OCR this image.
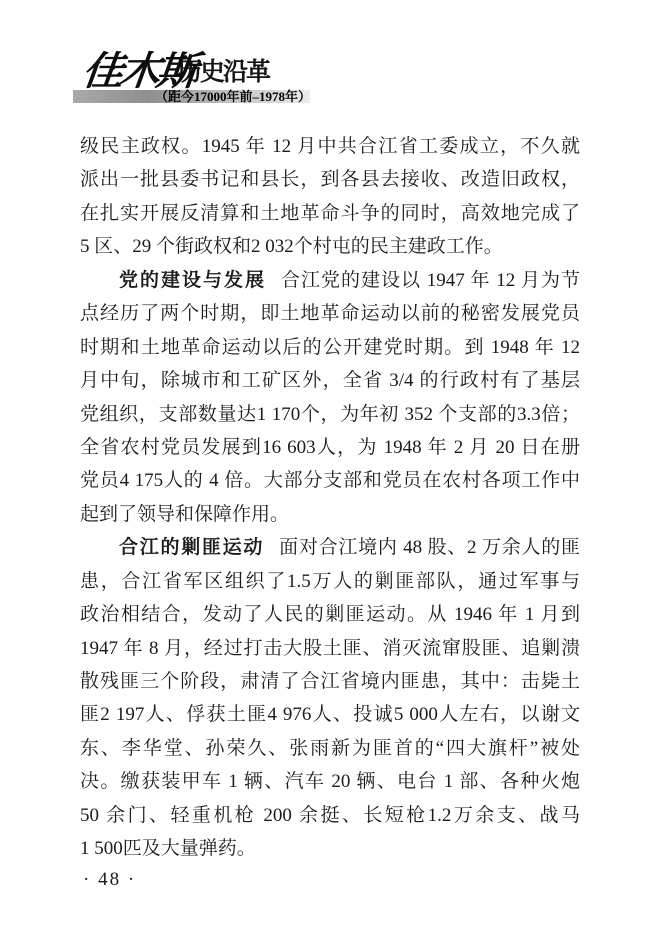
佳木斯
历史沿革
（距今17000年前–1978年）
级民主政权。1945 年 12 月中共合江省工委成立，不久就
派出一批县委书记和县长，到各县去接收、改造旧政权，
在扎实开展反清算和土地革命斗争的同时，高效地完成了
5 区、29 个街政权和2 032个村屯的民主建政工作。
党的建设与发展 合江党的建设以 1947 年 12 月为节
点经历了两个时期，即土地革命运动以前的秘密发展党员
时期和土地革命运动以后的公开建党时期。到 1948 年 12
月中旬，除城市和工矿区外，全省 3/4 的行政村有了基层
党组织，支部数量达1 170个，为年初 352 个支部的3.3倍；
全省农村党员发展到16 603人，为 1948 年 2 月 20 日在册
党员4 175人的 4 倍。大部分支部和党员在农村各项工作中
起到了领导和保障作用。
合江的剿匪运动 面对合江境内 48 股、2 万余人的匪
患，合江省军区组织了1.5万人的剿匪部队，通过军事与
政治相结合，发动了人民的剿匪运动。从 1946 年 1 月到
1947 年 8 月，经过打击大股土匪、消灭流窜股匪、追剿溃
散残匪三个阶段，肃清了合江省境内匪患，其中：击毙土
匪2 197人、俘获土匪4 976人、投诚5 000人左右，以谢文
东、李华堂、孙荣久、张雨新为匪首的“四大旗杆”被处
决。缴获装甲车 1 辆、汽车 20 辆、电台 1 部、各种火炮
50 余门、轻重机枪 200 余挺、长短枪1.2万余支、战马
1 500匹及大量弹药。
· 48 ·
